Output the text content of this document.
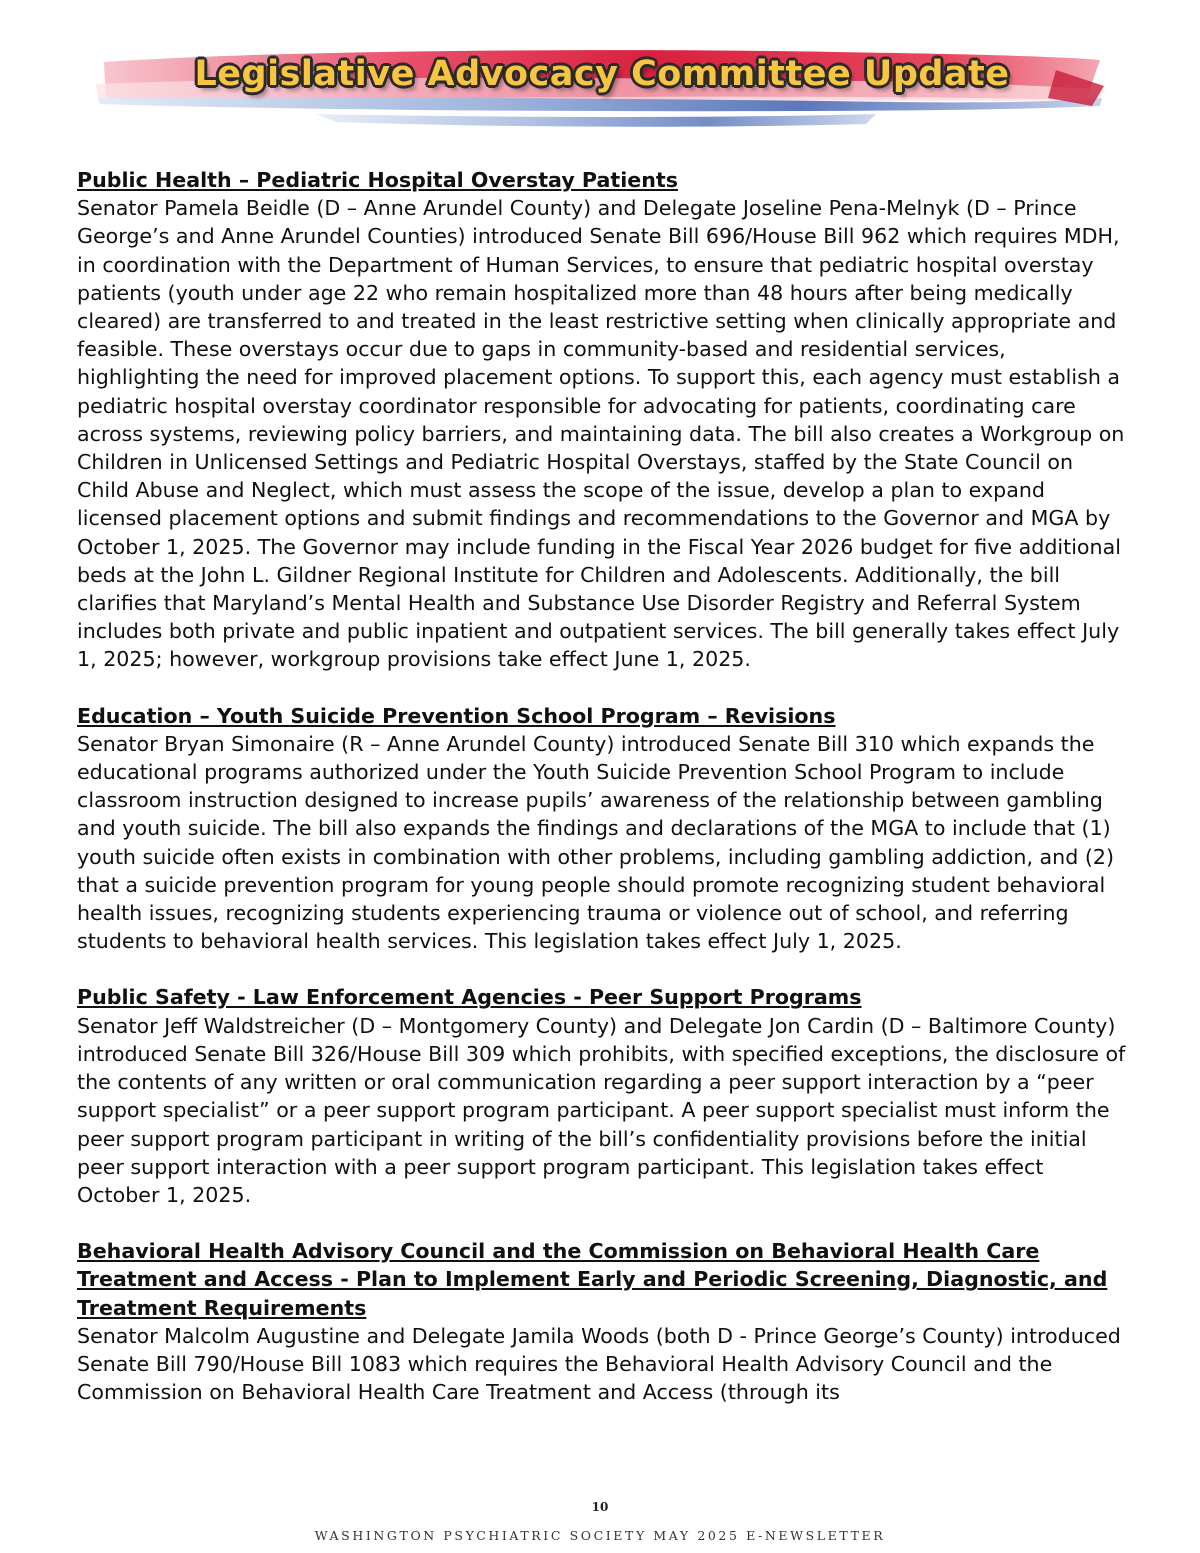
Legislative Advocacy Committee Update

Public Health – Pediatric Hospital Overstay Patients

Senator Pamela Beidle (D – Anne Arundel County) and Delegate Joseline Pena-Melnyk (D – Prince George’s and Anne Arundel Counties) introduced Senate Bill 696/House Bill 962 which requires MDH, in coordination with the Department of Human Services, to ensure that pediatric hospital overstay patients (youth under age 22 who remain hospitalized more than 48 hours after being medically cleared) are transferred to and treated in the least restrictive setting when clinically appropriate and feasible. These overstays occur due to gaps in community-based and residential services, highlighting the need for improved placement options. To support this, each agency must establish a pediatric hospital overstay coordinator responsible for advocating for patients, coordinating care across systems, reviewing policy barriers, and maintaining data. The bill also creates a Workgroup on Children in Unlicensed Settings and Pediatric Hospital Overstays, staffed by the State Council on Child Abuse and Neglect, which must assess the scope of the issue, develop a plan to expand licensed placement options and submit findings and recommendations to the Governor and MGA by October 1, 2025. The Governor may include funding in the Fiscal Year 2026 budget for five additional beds at the John L. Gildner Regional Institute for Children and Adolescents. Additionally, the bill clarifies that Maryland’s Mental Health and Substance Use Disorder Registry and Referral System includes both private and public inpatient and outpatient services. The bill generally takes effect July 1, 2025; however, workgroup provisions take effect June 1, 2025.

Education – Youth Suicide Prevention School Program – Revisions

Senator Bryan Simonaire (R – Anne Arundel County) introduced Senate Bill 310 which expands the educational programs authorized under the Youth Suicide Prevention School Program to include classroom instruction designed to increase pupils’ awareness of the relationship between gambling and youth suicide. The bill also expands the findings and declarations of the MGA to include that (1) youth suicide often exists in combination with other problems, including gambling addiction, and (2) that a suicide prevention program for young people should promote recognizing student behavioral health issues, recognizing students experiencing trauma or violence out of school, and referring students to behavioral health services. This legislation takes effect July 1, 2025.

Public Safety - Law Enforcement Agencies - Peer Support Programs

Senator Jeff Waldstreicher (D – Montgomery County) and Delegate Jon Cardin (D – Baltimore County) introduced Senate Bill 326/House Bill 309 which prohibits, with specified exceptions, the disclosure of the contents of any written or oral communication regarding a peer support interaction by a “peer support specialist” or a peer support program participant. A peer support specialist must inform the peer support program participant in writing of the bill’s confidentiality provisions before the initial peer support interaction with a peer support program participant. This legislation takes effect October 1, 2025.

Behavioral Health Advisory Council and the Commission on Behavioral Health Care Treatment and Access - Plan to Implement Early and Periodic Screening, Diagnostic, and Treatment Requirements

Senator Malcolm Augustine and Delegate Jamila Woods (both D - Prince George’s County) introduced Senate Bill 790/House Bill 1083 which requires the Behavioral Health Advisory Council and the Commission on Behavioral Health Care Treatment and Access (through its

10
WASHINGTON PSYCHIATRIC SOCIETY MAY 2025 E-NEWSLETTER
